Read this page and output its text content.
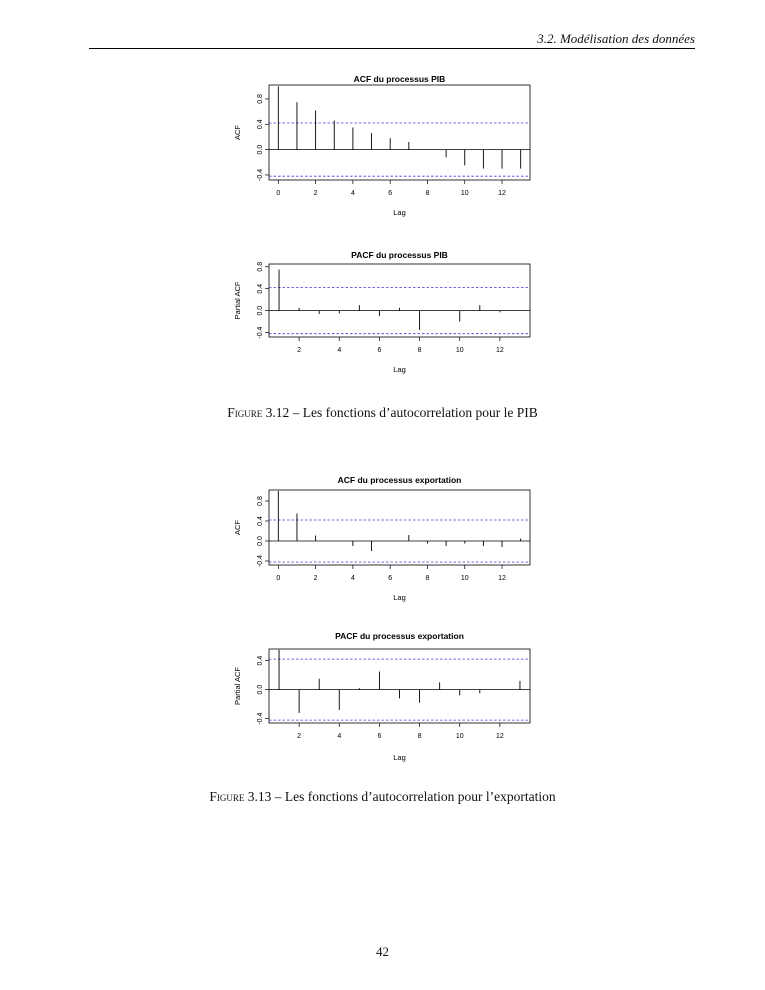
3.2. Modélisation des données
ACF du processus PIB
0	2	4	6	8	10	12
-0.4
0.0
0.4
0.8
ACF
Lag
PACF du processus PIB
2	4	6	8	10	12
-0.4
0.0
0.4
0.8
Partial ACF
Lag
Figure 3.12 – Les fonctions d’autocorrelation pour le PIB
ACF du processus exportation
0	2	4	6	8	10	12
-0.4
0.0
0.4
0.8
ACF
Lag
PACF du processus exportation
2	4	6	8	10	12
-0.4
0.0
0.4
Partial ACF
Lag
Figure 3.13 – Les fonctions d’autocorrelation pour l’exportation
42
